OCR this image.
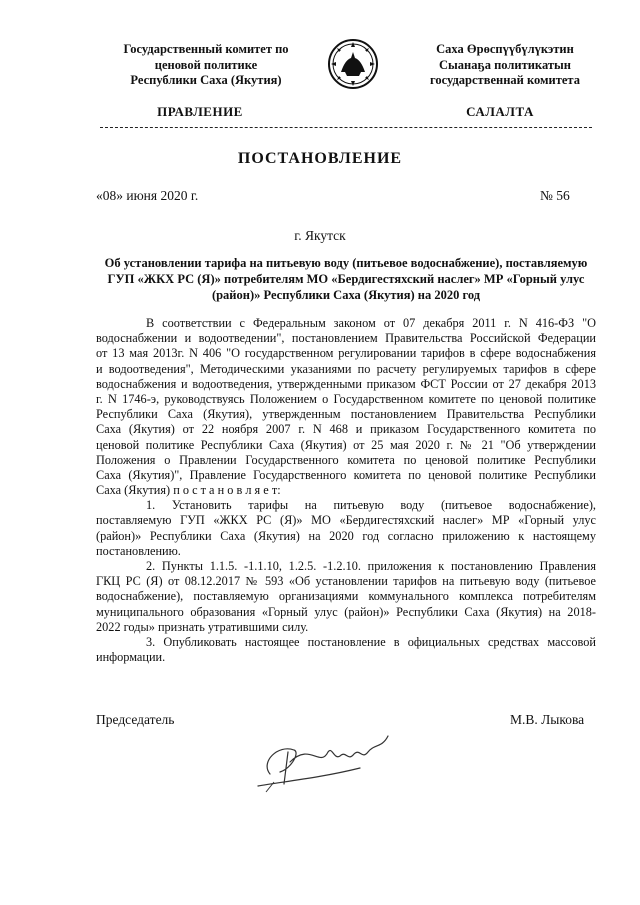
Государственный комитет по
ценовой политике
Республики Саха (Якутия)
Саха Өрөспүүбүлүкэтин
Сыанаҕа политикатын
государственнай комитета
ПРАВЛЕНИЕ	САЛАЛТА
ПОСТАНОВЛЕНИЕ
«08» июня 2020 г.	№ 56
г. Якутск
Об установлении тарифа на питьевую воду (питьевое водоснабжение), поставляемую
ГУП «ЖКХ РС (Я)» потребителям МО «Бердигестяхский наслег» МР «Горный улус
(район)» Республики Саха (Якутия) на 2020 год
В соответствии с Федеральным законом от 07 декабря 2011 г. N 416-ФЗ "О
водоснабжении и водоотведении", постановлением Правительства Российской Федерации
от 13 мая 2013г. N 406 "О государственном регулировании тарифов в сфере водоснабжения
и водоотведения", Методическими указаниями по расчету регулируемых тарифов в сфере
водоснабжения и водоотведения, утвержденными приказом ФСТ России от 27 декабря 2013
г. N 1746-э, руководствуясь Положением о Государственном комитете по ценовой политике
Республики Саха (Якутия), утвержденным постановлением Правительства Республики
Саха (Якутия) от 22 ноября 2007 г. N 468 и приказом Государственного комитета по
ценовой политике Республики Саха (Якутия) от 25 мая 2020 г. № 21 "Об утверждении
Положения о Правлении Государственного комитета по ценовой политике Республики
Саха (Якутия)", Правление Государственного комитета по ценовой политике Республики
Саха (Якутия) п о с т а н о в л я е т:
1. Установить тарифы на питьевую воду (питьевое водоснабжение),
поставляемую ГУП «ЖКХ РС (Я)» МО «Бердигестяхский наслег» МР «Горный улус
(район)» Республики Саха (Якутия) на 2020 год согласно приложению к настоящему
постановлению.
2. Пункты 1.1.5. -1.1.10, 1.2.5. -1.2.10. приложения к постановлению Правления
ГКЦ РС (Я) от 08.12.2017 № 593 «Об установлении тарифов на питьевую воду (питьевое
водоснабжение), поставляемую организациями коммунального комплекса потребителям
муниципального образования «Горный улус (район)» Республики Саха (Якутия) на 2018-
2022 годы» признать утратившими силу.
3. Опубликовать настоящее постановление в официальных средствах массовой
информации.
Председатель	М.В. Лыкова
